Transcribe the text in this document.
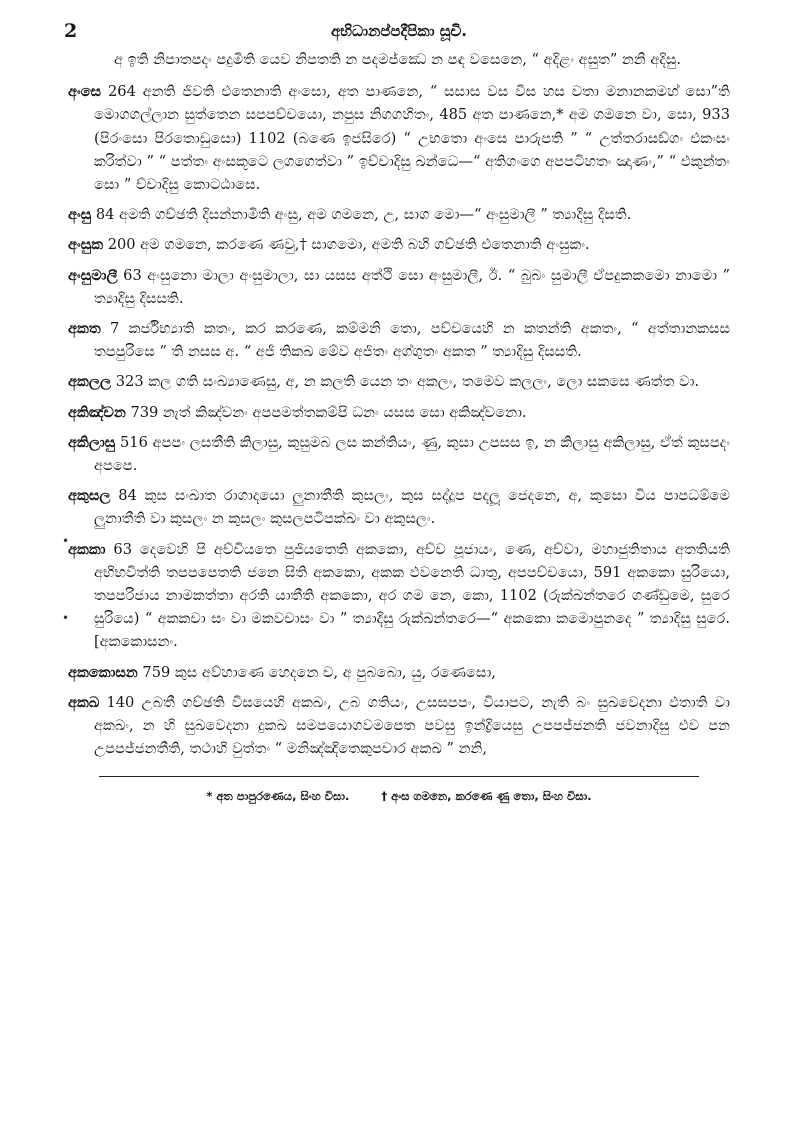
2	අභිධානප්පදීපිකා සූචි.

අ ඉති නිපාතපදං පදුමිති යෙව නිපතති න පදමජ්ඣෙ න පඳ වසෙනෙ, “ අදිළං අසුත” නනි අදිසු.

අංසෙ 264 අනති ජිවති එතෙනාති අංසො, අත පාණනෙ, “ සසාස වස විස හස වතා මනානකමහ් සො”ති මොගගල්ලාන සුත්තෙන සපපච්චයො, නපුස නිගගහිතං, 485 අත පාණනෙ,* අම ගමනෙ වා, සො, 933 (පිරංසො පිරතොඩුසො) 1102 (බණෙ ඉජසිරෙ) “ උභතො අංසෙ පාරුපති ” “ උත්තරාසඞ්ගං එකංසං කරිත්වා ” “ පත්තං අංසකූටෙ ලගගෙත්වා ” ඉච්චාදිසු ඛන්ධෙ—“ අතිගංගෙ අපපටිහතං ඤාණං,” “ එකුන්තං සො ” ච්චාදිසු කොටඨාසෙ.

අංසු 84 අමති ගච්ඡති දිසන්නාමිති අංසු, අම ගමනෙ, උ, සාග මො—“ අංසුමාලී ” ත්‍යාදිසු දිසති.

අංසුක 200 අම ගමනෙ, කරණෙ ණවු,† සාගමො, අමති බහි ගච්ඡති එතෙනාති අංසුකං.

අංසුමාලී 63 අංසුනො මාලා අංසුමාලා, සා යසස අත්ථි සො අංසුමාලී, ඊ. “ බුබං සුමාලී ඒපදුකකමො නාමො ” ත්‍යාදිසු දිසසති.

අකත 7 කර්ජිභ්‍යාති කතං, කර කරණෙ, කම්මනි තො, පච්චයෙහි න කතන්ති අකතං, “ අත්තානකසස තපපුරිසෙ ” ති නසස අ. “ අජී තිකඛ මේව අජිතං අග්ගුතං අකත ” ත්‍යාදිසු දිසසති.

අකලල 323 කල ගති සංඛ්‍යාණෙසු, අ, න කලති යෙන තං අකලං, තමෙව කලලං, ලො සකසෙ ණත්ත වා.

අකිඤ්චන 739 නැත් කිඤ්චනං අපපමත්තකම්පි ධනං යසස සො අකිඤ්චනො.

අකිලාසු 516 අපපං ලසතීති කිලාසු, කුසුමබ ලස කන්තියං, ණු, කුසා උපසස ඉ, න කිලාසු අකිලාසු, ඒත් කුසපදං අපපෙ.

•
අකුසල 84 කුස සංඛාත රාගාදයො ලුනාතීති කුසලං, කුස සද්දූප පදලූ ජෙදනෙ, අ, කුසො විය පාපධම්මෙ ලුනාතීති වා කුසලං න කුසලං කුසලපටිපක්ඛං වා අකුසලං.

•
අකකා 63 දෙවෙහි පි අච්චියතෙ පුජියතෙති අකකො, අච්ච පූජායං, ණෙ, අච්වා, මහාජුතිතාය අතතියති අභිභවිත්ති තපපපෙතති ජනෙ සිති අකකො, අකක ඵවනෙති ධාතු, අපපච්චයො, 591 අකකො සුරියො, තපපරිජාය නාමකත්තා අරති යාතීති අකකො, අර ගම නෙ, කො, 1102 (රුක්ඛන්තරෙ ගණ්ඩුමෙ, සුරෙ සුරියෙ) “ අකකචා සං වා මකවචාසං වා ” ත්‍යාදිසු රුක්ඛන්තරෙ—“ අකකො කමොපුනදෙ ” ත්‍යාදිසු සුරෙ. [අකකොසනං.

අකකොසන 759 කුස අව්හාණෙ හෙදනෙ ච, අ පුබබො, යු, රණෙසො,

අකඛ 140 උබතී ගච්ඡති විසයෙහි අකඛං, උබ ගතියං, උසසපපං, වියාපට, නැති බං සුඛවෙදනා ඵතාති වා අකඛං, න හි සුඛවෙදනා දුකඛ සමපයොගවමපෙත පවසු ඉන්ද්‍රියෙසු උපපජ්ජනති ජවනාදිසු එව පන උපපජ්ජනතීති, තථාහි වුත්තං “ මනිඤ්ඤිතෙකුපචාර අකඛ ” නනි,

* අත පාපුරණෙය, සිංහ විසා.	† අංස ගමනෙ, කරණෙ ණු තො, සිංහ විසා.
